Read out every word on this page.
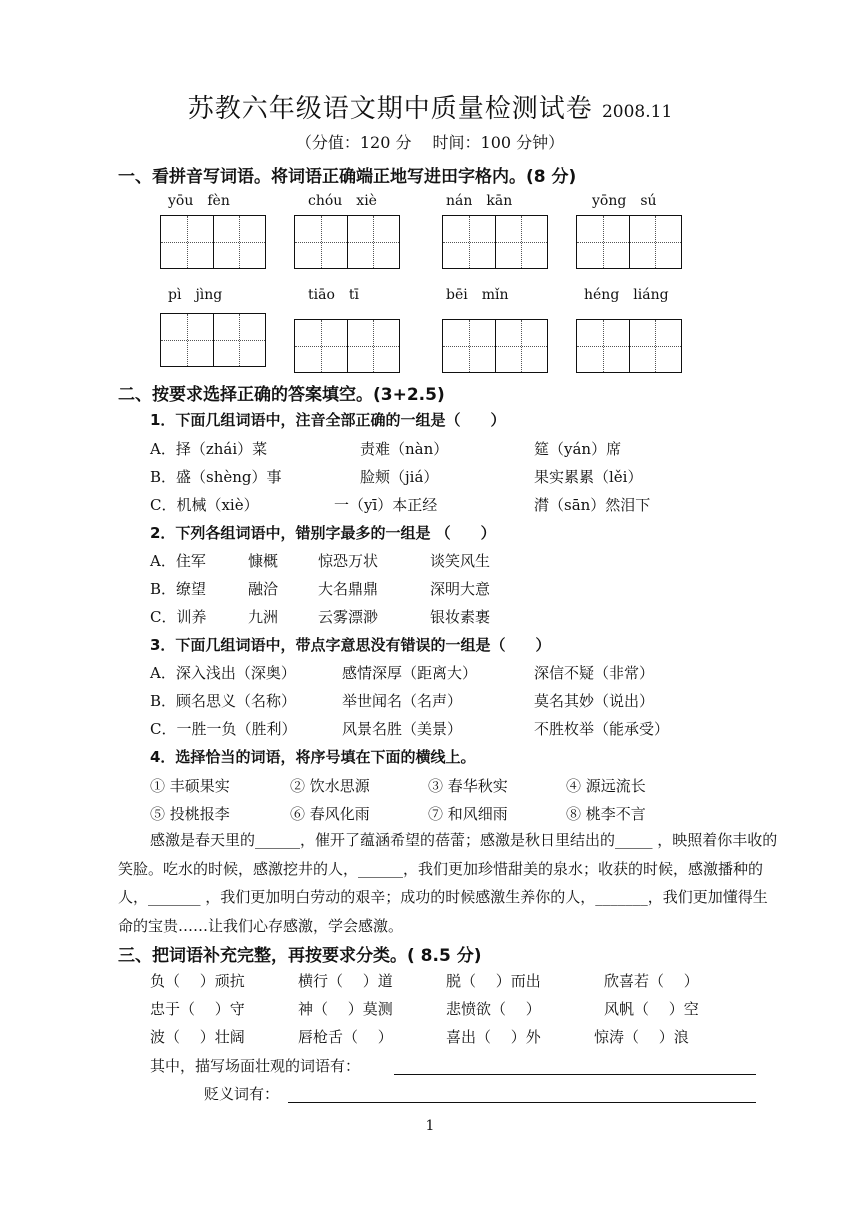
苏教六年级语文期中质量检测试卷 2008.11
（分值：120 分　 时间：100 分钟）
一、看拼音写词语。将词语正确端正地写进田字格内。(8 分)
yōu　fèn	chóu　xiè	nán　kān	yōng　sú
pì　jìng	tiāo　tī	bēi　mǐn	héng　liáng
二、按要求选择正确的答案填空。(3+2.5)
1．下面几组词语中，注音全部正确的一组是（　　）
A．择（zhái）菜	责难（nàn）	筵（yán）席
B．盛（shèng）事	脸颊（jiá）	果实累累（lěi）
C．机械（xiè）	一（yī）本正经	潸（sān）然泪下
2．下列各组词语中，错别字最多的一组是 （　　）
A．住军	慷概	惊恐万状	谈笑风生
B．缭望	融洽	大名鼎鼎	深明大意
C．训养	九洲	云雾漂渺	银妆素裹
3．下面几组词语中，带点字意思没有错误的一组是（　　）
A．深入浅出（深奥）	感情深厚（距离大）	深信不疑（非常）
B．顾名思义（名称）	举世闻名（名声）	莫名其妙（说出）
C．一胜一负（胜利）	风景名胜（美景）	不胜枚举（能承受）
4．选择恰当的词语，将序号填在下面的横线上。
① 丰硕果实	② 饮水思源	③ 春华秋实	④ 源远流长
⑤ 投桃报李	⑥ 春风化雨	⑦ 和风细雨	⑧ 桃李不言
感激是春天里的______，催开了蕴涵希望的蓓蕾；感激是秋日里结出的_____ ，映照着你丰收的笑脸。吃水的时候，感激挖井的人，______，我们更加珍惜甜美的泉水；收获的时候，感激播种的人，_______ ，我们更加明白劳动的艰辛；成功的时候感激生养你的人，_______，我们更加懂得生命的宝贵……让我们心存感激，学会感激。
三、把词语补充完整，再按要求分类。( 8.5 分)
负（　 ）顽抗	横行（　 ）道	脱（　 ）而出	欣喜若（　 ）
忠于（　 ）守	神（　 ）莫测	悲愤欲（　 ）	风帆（　 ）空
波（　 ）壮阔	唇枪舌（　 ）	喜出（　 ）外	惊涛（　 ）浪
其中，描写场面壮观的词语有：
贬义词有：
1
